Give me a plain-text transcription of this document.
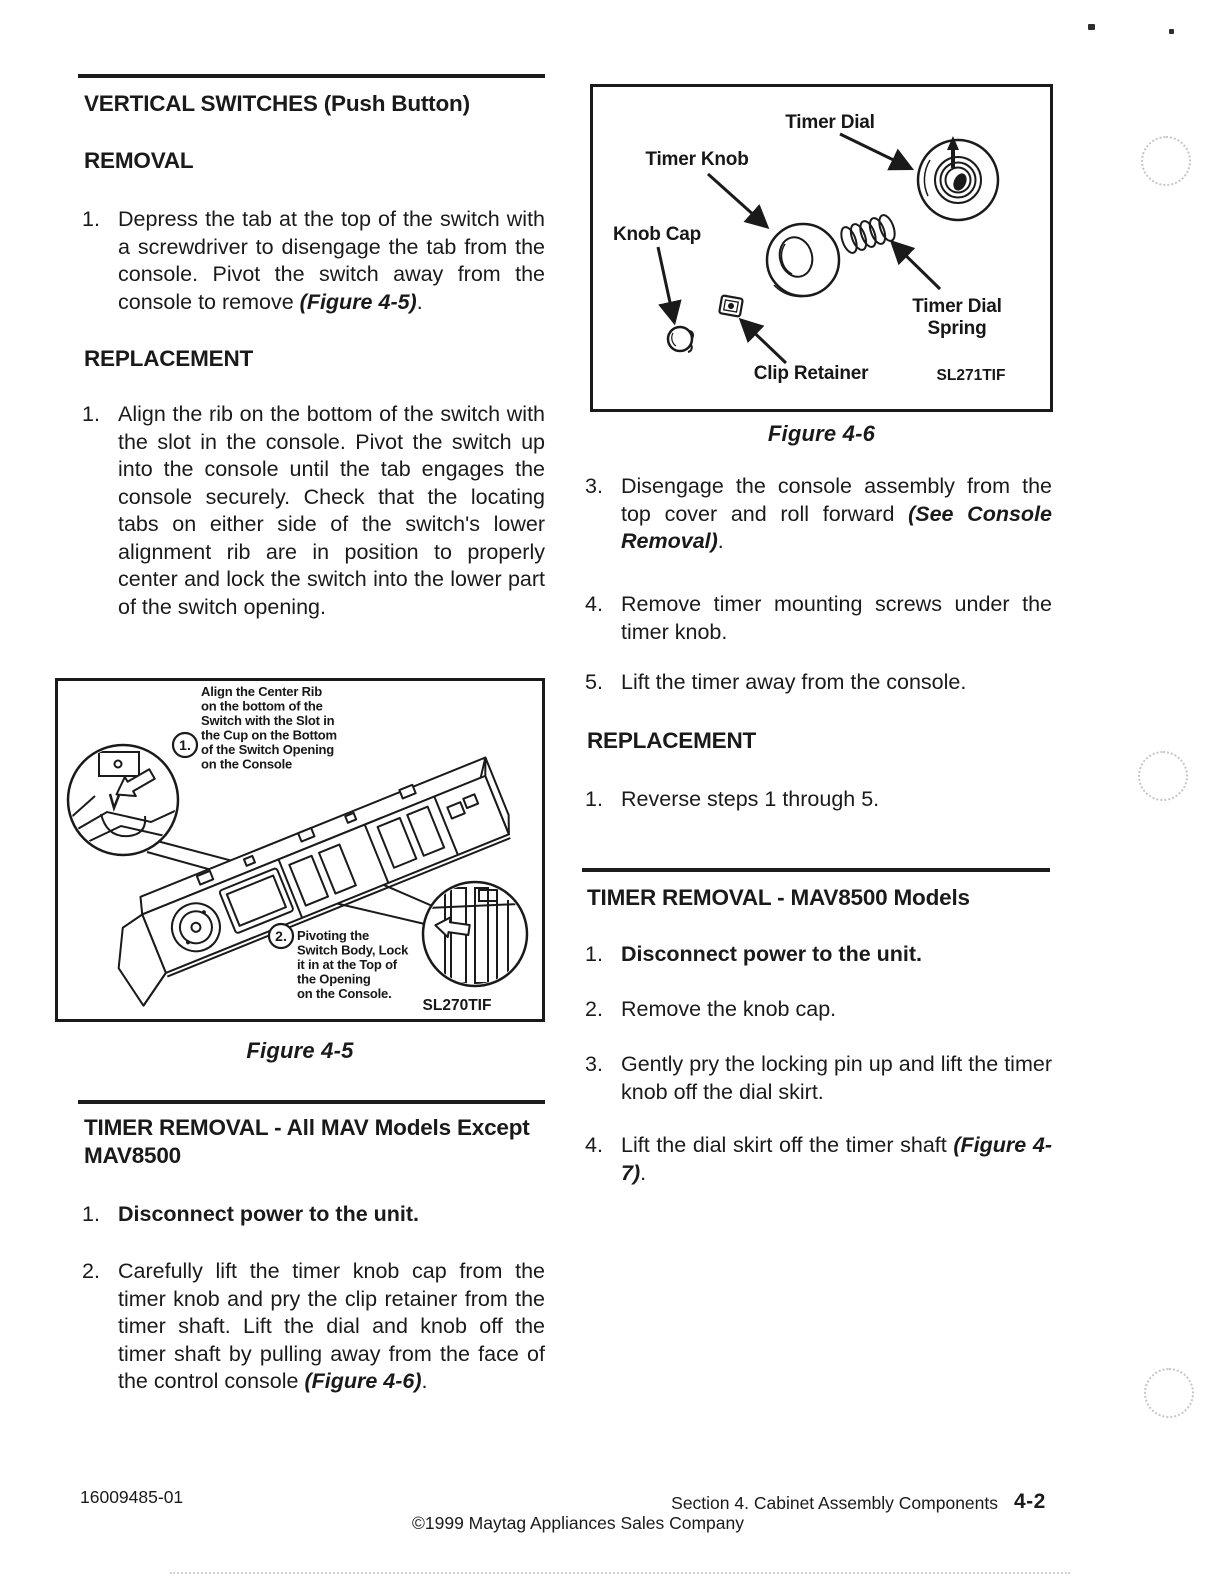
VERTICAL SWITCHES (Push Button)
REMOVAL
1. Depress the tab at the top of the switch with a screwdriver to disengage the tab from the console. Pivot the switch away from the console to remove (Figure 4-5).

REPLACEMENT
1. Align the rib on the bottom of the switch with the slot in the console. Pivot the switch up into the console until the tab engages the console securely. Check that the locating tabs on either side of the switch's lower alignment rib are in position to properly center and lock the switch into the lower part of the switch opening.

1.
Align the Center Rib
on the bottom of the
Switch with the Slot in
the Cup on the Bottom
of the Switch Opening
on the Console
2. Pivoting the
Switch Body, Lock
it in at the Top of
the Opening
on the Console.
SL270TIF
Figure 4-5
TIMER REMOVAL - All MAV Models Except MAV8500
1. Disconnect power to the unit.

2. Carefully lift the timer knob cap from the timer knob and pry the clip retainer from the timer shaft. Lift the dial and knob off the timer shaft by pulling away from the face of the control console (Figure 4-6).

Timer Dial
Timer Knob
Knob Cap
Timer Dial
Spring
Clip Retainer	SL271TIF
Figure 4-6
3. Disengage the console assembly from the top cover and roll forward (See Console Removal).

4. Remove timer mounting screws under the timer knob.

5. Lift the timer away from the console.

REPLACEMENT
1. Reverse steps 1 through 5.

TIMER REMOVAL - MAV8500 Models
1. Disconnect power to the unit.

2. Remove the knob cap.

3. Gently pry the locking pin up and lift the timer knob off the dial skirt.

4. Lift the dial skirt off the timer shaft (Figure 4-7).

16009485-01	Section 4. Cabinet Assembly Components 4-2
©1999 Maytag Appliances Sales Company
